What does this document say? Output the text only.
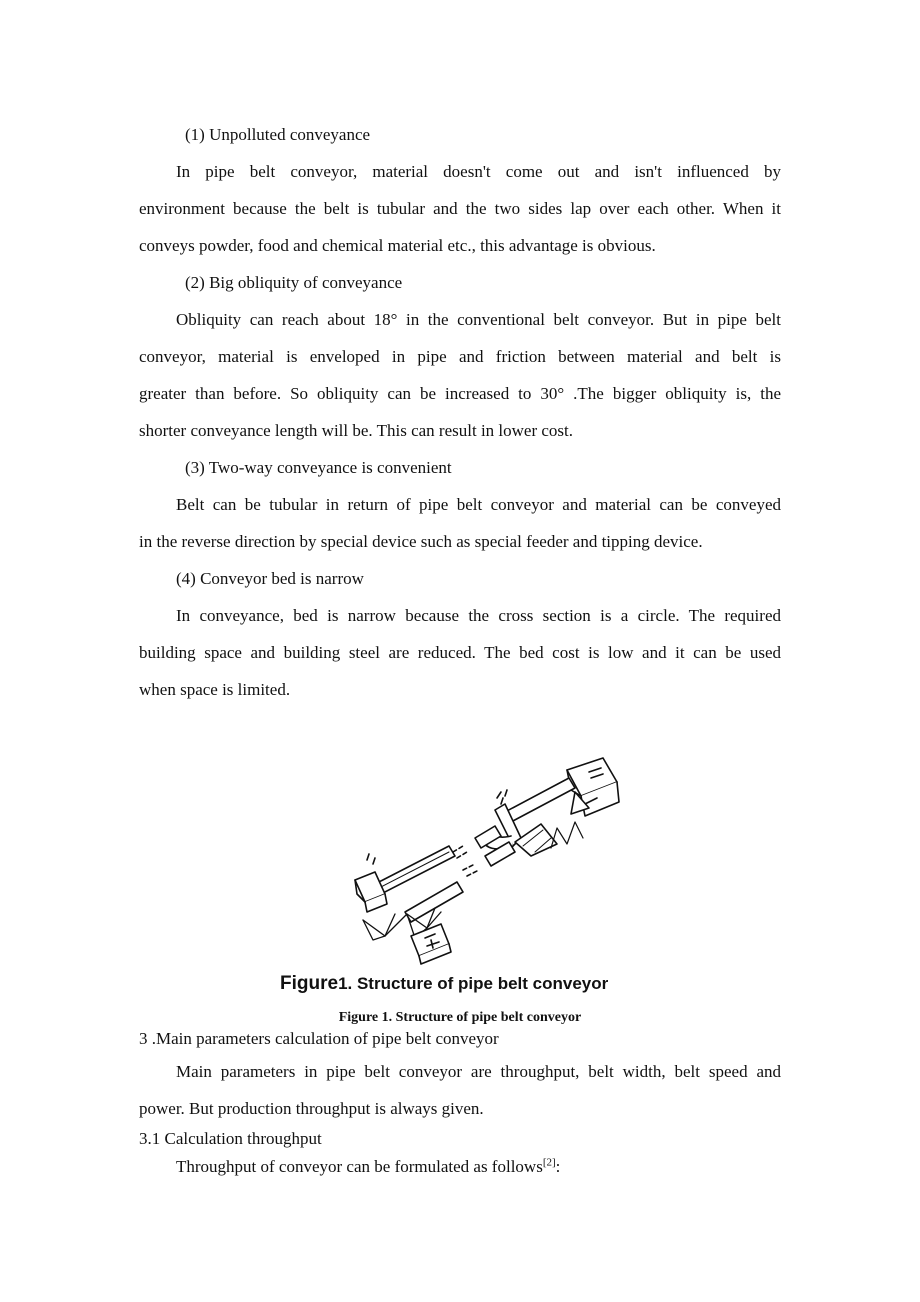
(1) Unpolluted conveyance
In pipe belt conveyor, material doesn't come out and isn't influenced by
environment because the belt is tubular and the two sides lap over each other. When it
conveys powder, food and chemical material etc., this advantage is obvious.
(2) Big obliquity of conveyance
Obliquity can reach about 18° in the conventional belt conveyor. But in pipe belt
conveyor, material is enveloped in pipe and friction between material and belt is
greater than before. So obliquity can be increased to 30° .The bigger obliquity is, the
shorter conveyance length will be. This can result in lower cost.
(3) Two-way conveyance is convenient
Belt can be tubular in return of pipe belt conveyor and material can be conveyed
in the reverse direction by special device such as special feeder and tipping device.
(4) Conveyor bed is narrow
In conveyance, bed is narrow because the cross section is a circle. The required
building space and building steel are reduced. The bed cost is low and it can be used
when space is limited.
Figure1. Structure of pipe belt conveyor
Figure 1. Structure of pipe belt conveyor
3 .Main parameters calculation of pipe belt conveyor
Main parameters in pipe belt conveyor are throughput, belt width, belt speed and
power. But production throughput is always given.
3.1 Calculation throughput
Throughput of conveyor can be formulated as follows[2]:
